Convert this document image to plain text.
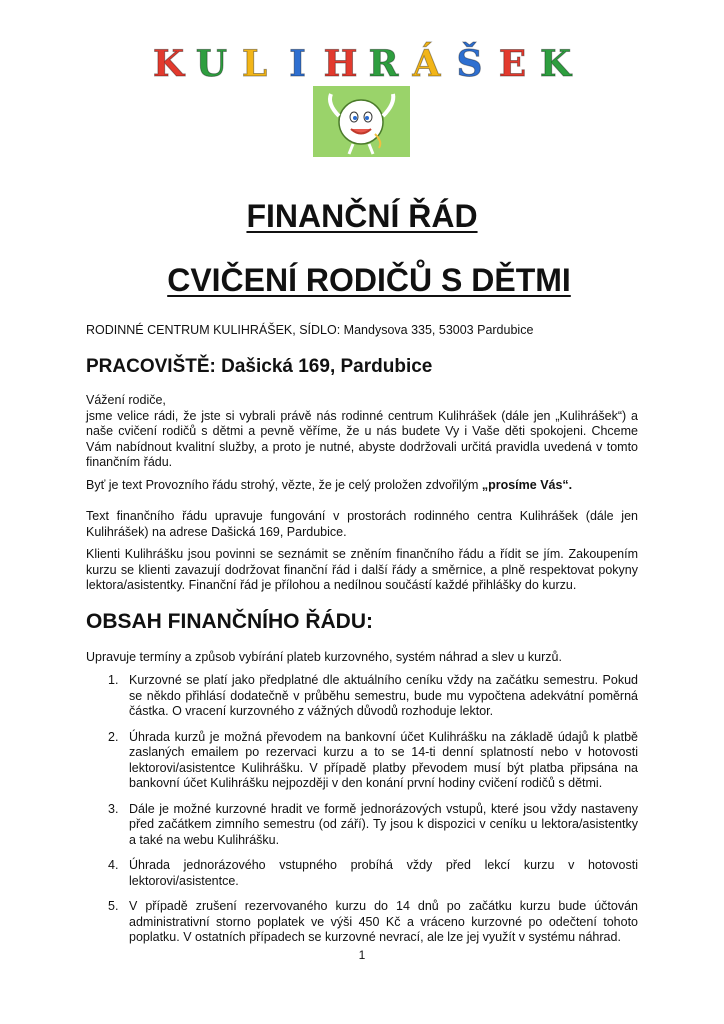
K U L I H R Á Š E K
FINANČNÍ ŘÁD
CVIČENÍ RODIČŮ S DĚTMI
RODINNÉ CENTRUM KULIHRÁŠEK, SÍDLO: Mandysova 335, 53003 Pardubice
PRACOVIŠTĚ: Dašická 169, Pardubice
Vážení rodiče,
jsme velice rádi, že jste si vybrali právě nás rodinné centrum Kulihrášek (dále jen „Kulihrášek“) a naše cvičení rodičů s dětmi a pevně věříme, že u nás budete Vy i Vaše děti spokojeni. Chceme Vám nabídnout kvalitní služby, a proto je nutné, abyste dodržovali určitá pravidla uvedená v tomto finančním řádu.
Byť je text Provozního řádu strohý, vězte, že je celý proložen zdvořilým „prosíme Vás“.
Text finančního řádu upravuje fungování v prostorách rodinného centra Kulihrášek (dále jen Kulihrášek) na adrese Dašická 169, Pardubice.
Klienti Kulihrášku jsou povinni se seznámit se zněním finančního řádu a řídit se jím. Zakoupením kurzu se klienti zavazují dodržovat finanční řád i další řády a směrnice, a plně respektovat pokyny lektora/asistentky. Finanční řád je přílohou a nedílnou součástí každé přihlášky do kurzu.
OBSAH FINANČNÍHO ŘÁDU:
Upravuje termíny a způsob vybírání plateb kurzovného, systém náhrad a slev u kurzů.
1. Kurzovné se platí jako předplatné dle aktuálního ceníku vždy na začátku semestru. Pokud se někdo přihlásí dodatečně v průběhu semestru, bude mu vypočtena adekvátní poměrná částka. O vracení kurzovného z vážných důvodů rozhoduje lektor.
2. Úhrada kurzů je možná převodem na bankovní účet Kulihrášku na základě údajů k platbě zaslaných emailem po rezervaci kurzu a to se 14-ti denní splatností nebo v hotovosti lektorovi/asistentce Kulihrášku. V případě platby převodem musí být platba připsána na bankovní účet Kulihrášku nejpozději v den konání první hodiny cvičení rodičů s dětmi.
3. Dále je možné kurzovné hradit ve formě jednorázových vstupů, které jsou vždy nastaveny před začátkem zimního semestru (od září). Ty jsou k dispozici v ceníku u lektora/asistentky a také na webu Kulihrášku.
4. Úhrada jednorázového vstupného probíhá vždy před lekcí kurzu v hotovosti lektorovi/asistentce.
5. V případě zrušení rezervovaného kurzu do 14 dnů po začátku kurzu bude účtován administrativní storno poplatek ve výši 450 Kč a vráceno kurzovné po odečtení tohoto poplatku. V ostatních případech se kurzovné nevrací, ale lze jej využít v systému náhrad.
1
